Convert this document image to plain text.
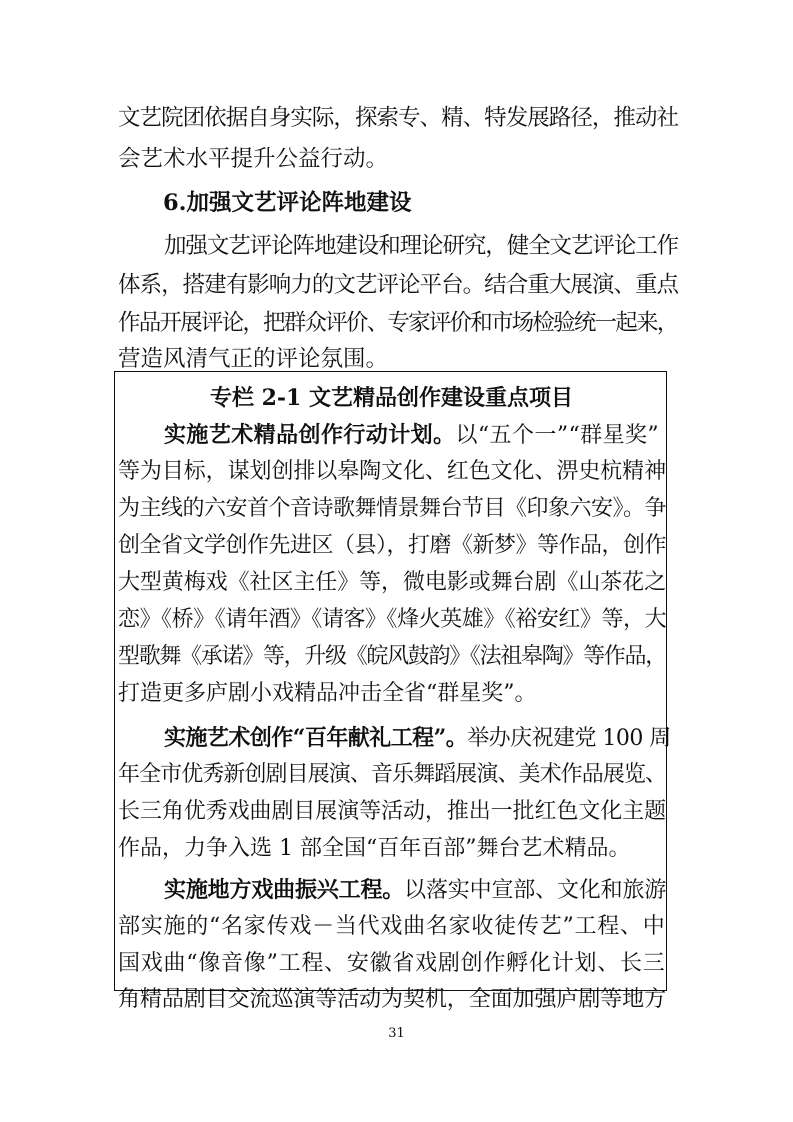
文艺院团依据自身实际，探索专、精、特发展路径，推动社
会艺术水平提升公益行动。
6.加强文艺评论阵地建设
加强文艺评论阵地建设和理论研究，健全文艺评论工作
体系，搭建有影响力的文艺评论平台。结合重大展演、重点
作品开展评论，把群众评价、专家评价和市场检验统一起来，
营造风清气正的评论氛围。
专栏 2-1 文艺精品创作建设重点项目
实施艺术精品创作行动计划。以“五个一”“群星奖”
等为目标，谋划创排以皋陶文化、红色文化、淠史杭精神
为主线的六安首个音诗歌舞情景舞台节目《印象六安》。争
创全省文学创作先进区（县），打磨《新梦》等作品，创作
大型黄梅戏《社区主任》等，微电影或舞台剧《山茶花之
恋》《桥》《请年酒》《请客》《烽火英雄》《裕安红》等，大
型歌舞《承诺》等，升级《皖风鼓韵》《法祖皋陶》等作品，
打造更多庐剧小戏精品冲击全省“群星奖”。
实施艺术创作“百年献礼工程”。举办庆祝建党 100 周
年全市优秀新创剧目展演、音乐舞蹈展演、美术作品展览、
长三角优秀戏曲剧目展演等活动，推出一批红色文化主题
作品，力争入选 1 部全国“百年百部”舞台艺术精品。
实施地方戏曲振兴工程。以落实中宣部、文化和旅游
部实施的“名家传戏－当代戏曲名家收徒传艺”工程、中
国戏曲“像音像”工程、安徽省戏剧创作孵化计划、长三
角精品剧目交流巡演等活动为契机，全面加强庐剧等地方
31
